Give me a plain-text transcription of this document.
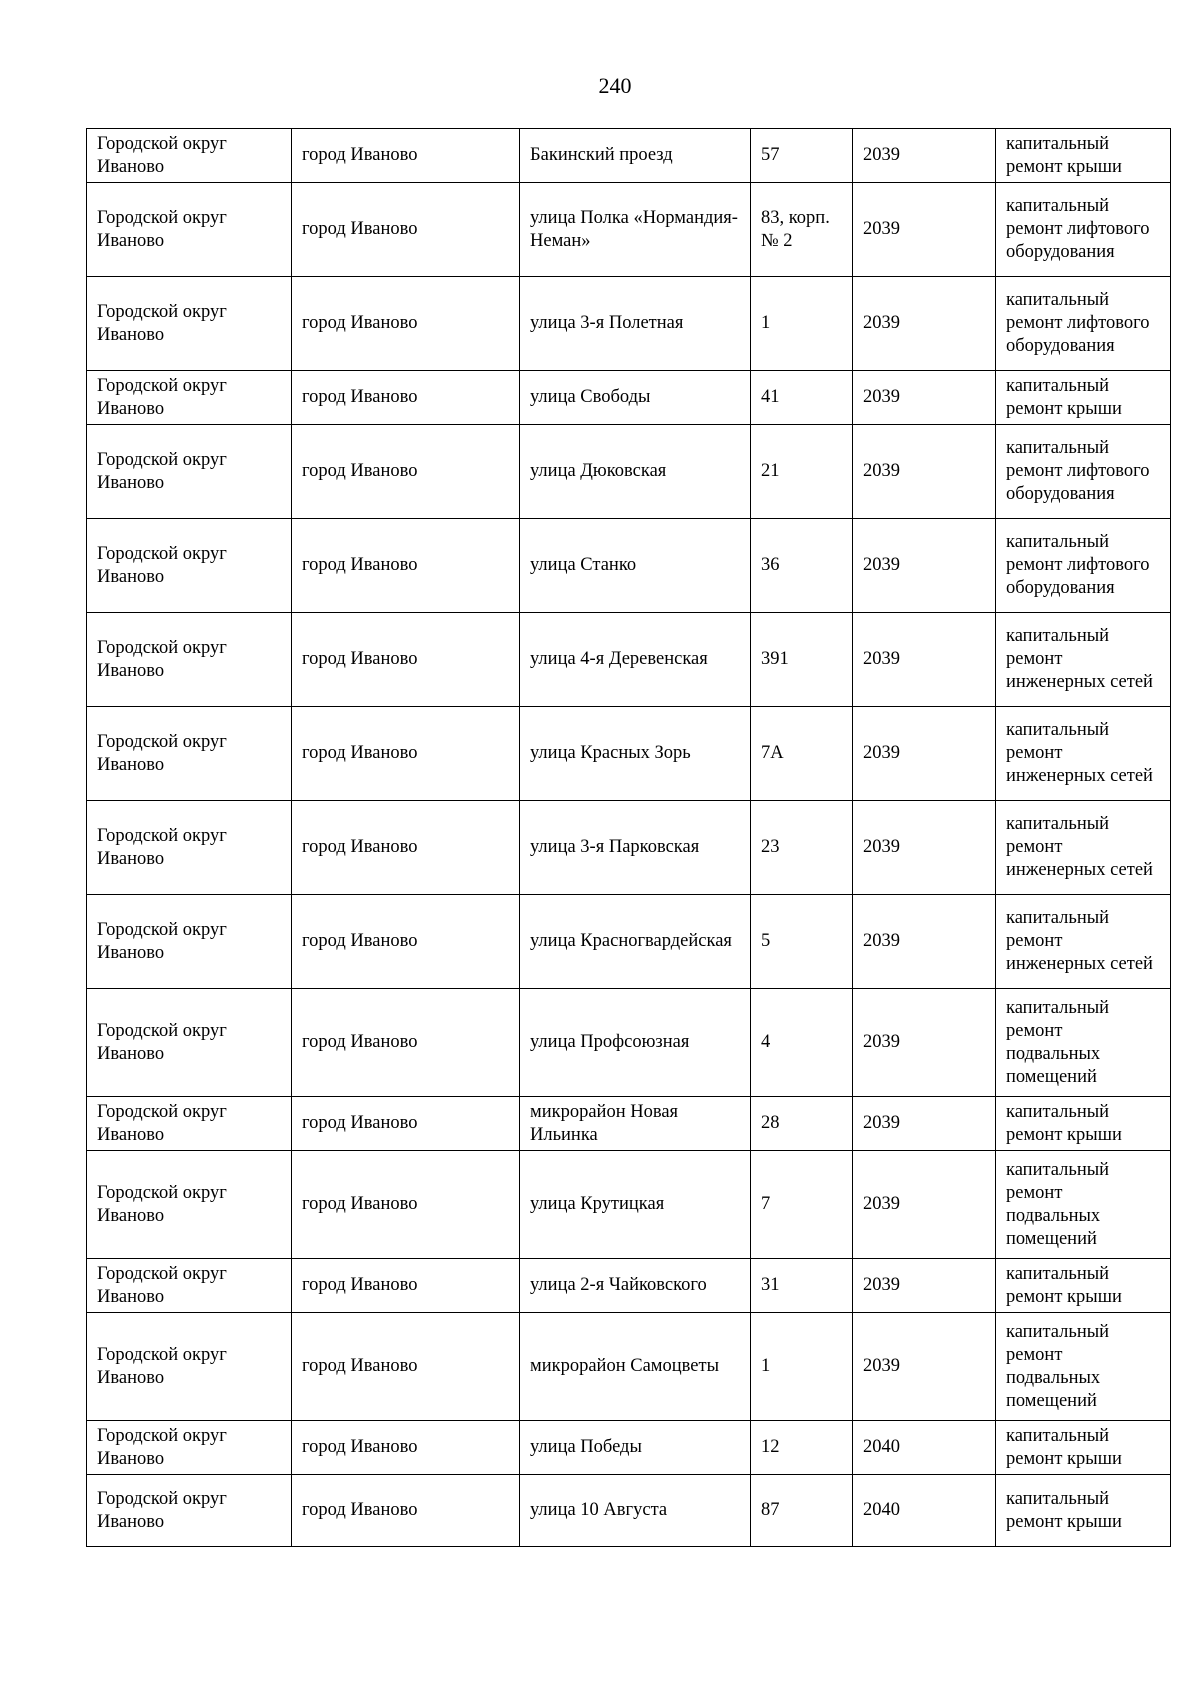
240
Городской округ Иваново	город Иваново	Бакинский проезд	57	2039	капитальный ремонт крыши

Городской округ Иваново	город Иваново	улица Полка «Нормандия-Неман»	83, корп. № 2	2039	капитальный ремонт лифтового оборудования

Городской округ Иваново	город Иваново	улица 3-я Полетная	1	2039	капитальный ремонт лифтового оборудования

Городской округ Иваново	город Иваново	улица Свободы	41	2039	капитальный ремонт крыши

Городской округ Иваново	город Иваново	улица Дюковская	21	2039	капитальный ремонт лифтового оборудования

Городской округ Иваново	город Иваново	улица Станко	36	2039	капитальный ремонт лифтового оборудования

Городской округ Иваново	город Иваново	улица 4-я Деревенская	391	2039	капитальный ремонт инженерных сетей

Городской округ Иваново	город Иваново	улица Красных Зорь	7А	2039	капитальный ремонт инженерных сетей

Городской округ Иваново	город Иваново	улица 3-я Парковская	23	2039	капитальный ремонт инженерных сетей

Городской округ Иваново	город Иваново	улица Красногвардейская	5	2039	капитальный ремонт инженерных сетей

Городской округ Иваново	город Иваново	улица Профсоюзная	4	2039	капитальный ремонт подвальных помещений

Городской округ Иваново	город Иваново	микрорайон Новая Ильинка	28	2039	капитальный ремонт крыши

Городской округ Иваново	город Иваново	улица Крутицкая	7	2039	капитальный ремонт подвальных помещений

Городской округ Иваново	город Иваново	улица 2-я Чайковского	31	2039	капитальный ремонт крыши

Городской округ Иваново	город Иваново	микрорайон Самоцветы	1	2039	капитальный ремонт подвальных помещений

Городской округ Иваново	город Иваново	улица Победы	12	2040	капитальный ремонт крыши

Городской округ Иваново	город Иваново	улица 10 Августа	87	2040	капитальный ремонт крыши
